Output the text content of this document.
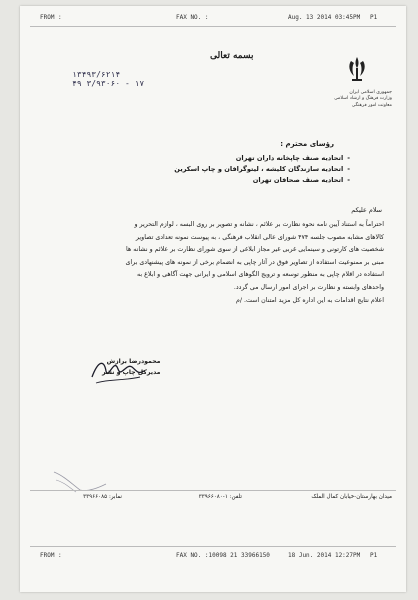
FROM :	FAX NO. :	Aug. 13 2014 03:45PM P1
بسمه تعالی
جمهوری اسلامی ایران
وزارت فرهنگ و ارشاد اسلامی
معاونت امور فرهنگی
۱۳۴۹۳/۶۲۱۴
۴۹ ۳/۹۳۰۶۰ - ۱۷
رؤسای محترم :
-اتحادیه صنف چاپخانه داران تهران
-اتحادیه سازندگان کلیشه ، لیتوگرافان و چاپ اسکرین
-اتحادیه صنف صحافان تهران
سلام علیکم

احتراماً به استناد آیین نامه نحوه نظارت بر علائم ، نشانه و تصویر بر روی البسه ، لوازم التحریر و

کالاهای مشابه مصوب جلسه ۴۷۴ شورای عالی انقلاب فرهنگی ، به پیوست نمونه تعدادی تصاویر

شخصیت های کارتونی و سینمایی غربی غیر مجاز ابلاغی از سوی شورای نظارت بر علائم و نشانه ها

مبنی بر ممنوعیت استفاده از تصاویر فوق در آثار چاپی به انضمام برخی از نمونه های پیشنهادی برای

استفاده در اقلام چاپی به منظور توسعه و ترویج الگوهای اسلامی و ایرانی جهت آگاهی و ابلاغ به

واحدهای وابسته و نظارت بر اجرای امور ارسال می گردد.

اعلام نتایج اقدامات به این اداره کل مزید امتنان است. /م

محمودرضا برازش
مدیرکل چاپ و نشر
میدان بهارستان-خیابان کمال الملک
تلفن: ۱-۳۳۹۶۶۰۸۰
نمابر: ۳۳۹۶۶۰۸۵
FROM :	FAX NO. :10098 21 33966150	18 Jun. 2014 12:27PM P1
